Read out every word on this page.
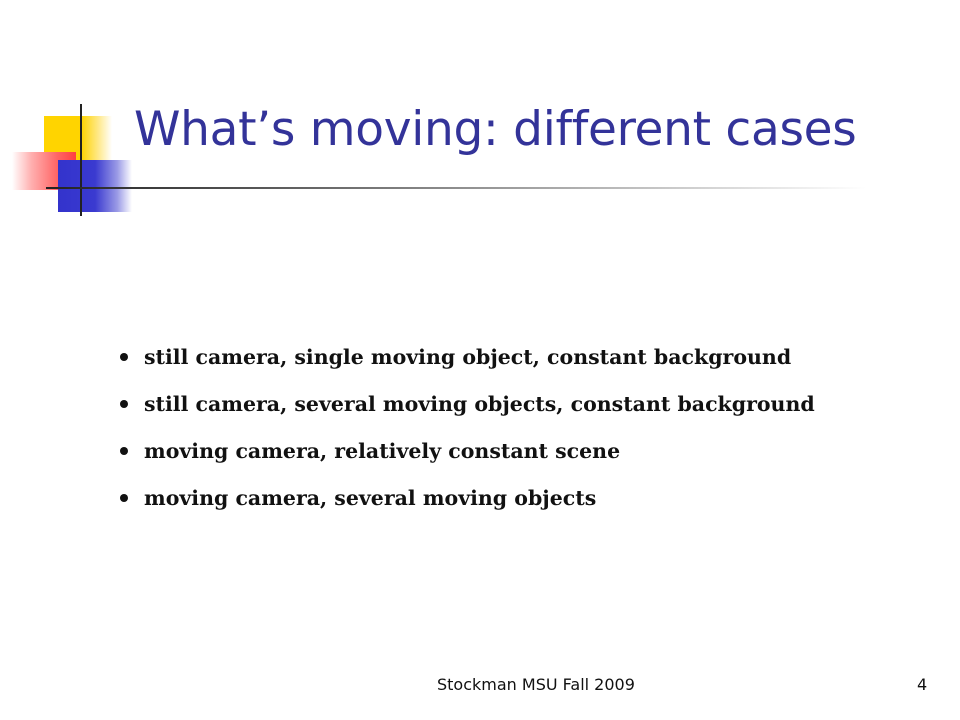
What’s moving: different cases
still camera, single moving object, constant background
still camera, several moving objects, constant background
moving camera, relatively constant scene
moving camera, several moving objects
Stockman MSU Fall 2009	4
